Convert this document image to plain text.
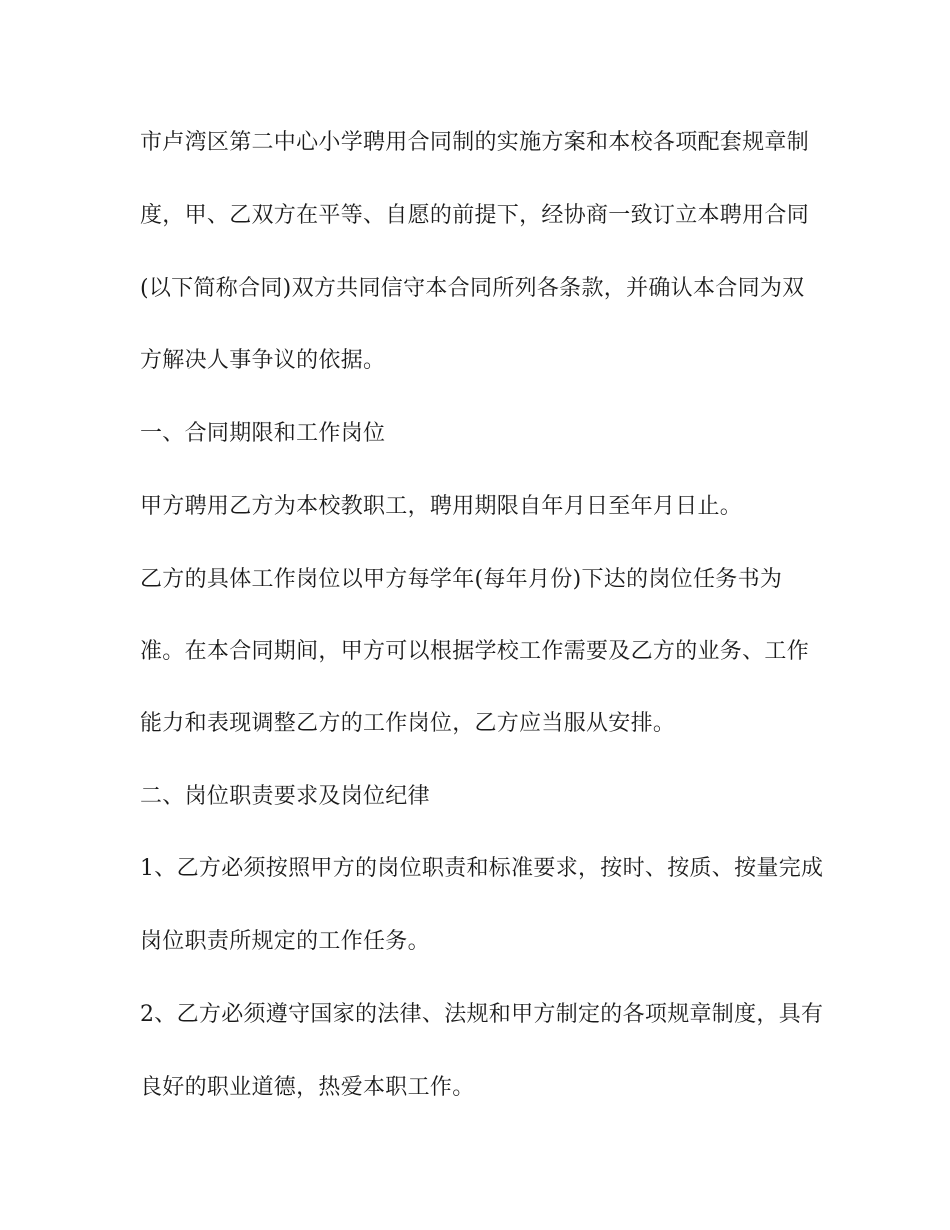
市卢湾区第二中心小学聘用合同制的实施方案和本校各项配套规章制
度，甲、乙双方在平等、自愿的前提下，经协商一致订立本聘用合同
(以下简称合同)双方共同信守本合同所列各条款，并确认本合同为双
方解决人事争议的依据。
一、合同期限和工作岗位
甲方聘用乙方为本校教职工，聘用期限自年月日至年月日止。
乙方的具体工作岗位以甲方每学年(每年月份)下达的岗位任务书为
准。在本合同期间，甲方可以根据学校工作需要及乙方的业务、工作
能力和表现调整乙方的工作岗位，乙方应当服从安排。
二、岗位职责要求及岗位纪律
1、乙方必须按照甲方的岗位职责和标准要求，按时、按质、按量完成
岗位职责所规定的工作任务。
2、乙方必须遵守国家的法律、法规和甲方制定的各项规章制度，具有
良好的职业道德，热爱本职工作。
